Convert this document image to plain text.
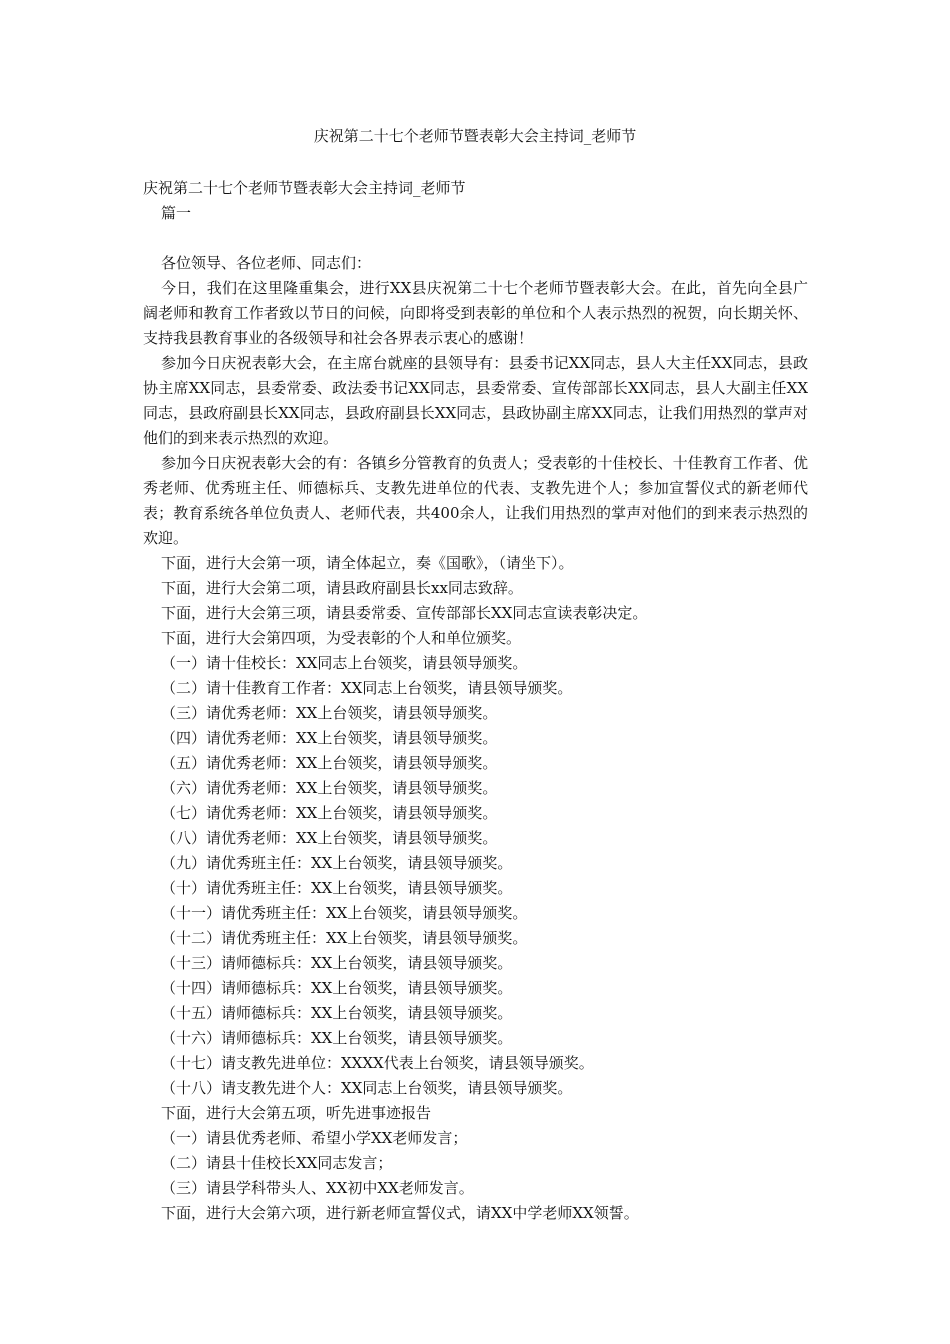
庆祝第二十七个老师节暨表彰大会主持词_老师节

庆祝第二十七个老师节暨表彰大会主持词_老师节

篇一

各位领导、各位老师、同志们：

今日，我们在这里隆重集会，进行XX县庆祝第二十七个老师节暨表彰大会。在此，首先向全县广阔老师和教育工作者致以节日的问候，向即将受到表彰的单位和个人表示热烈的祝贺，向长期关怀、支持我县教育事业的各级领导和社会各界表示衷心的感谢！

参加今日庆祝表彰大会，在主席台就座的县领导有：县委书记XX同志，县人大主任XX同志，县政协主席XX同志，县委常委、政法委书记XX同志，县委常委、宣传部部长XX同志，县人大副主任XX同志，县政府副县长XX同志，县政府副县长XX同志，县政协副主席XX同志，让我们用热烈的掌声对他们的到来表示热烈的欢迎。

参加今日庆祝表彰大会的有：各镇乡分管教育的负责人；受表彰的十佳校长、十佳教育工作者、优秀老师、优秀班主任、师德标兵、支教先进单位的代表、支教先进个人；参加宣誓仪式的新老师代表；教育系统各单位负责人、老师代表，共400余人，让我们用热烈的掌声对他们的到来表示热烈的欢迎。

下面，进行大会第一项，请全体起立，奏《国歌》，（请坐下）。

下面，进行大会第二项，请县政府副县长xx同志致辞。

下面，进行大会第三项，请县委常委、宣传部部长XX同志宣读表彰决定。

下面，进行大会第四项，为受表彰的个人和单位颁奖。

（一）请十佳校长：XX同志上台领奖，请县领导颁奖。

（二）请十佳教育工作者：XX同志上台领奖，请县领导颁奖。

（三）请优秀老师：XX上台领奖，请县领导颁奖。

（四）请优秀老师：XX上台领奖，请县领导颁奖。

（五）请优秀老师：XX上台领奖，请县领导颁奖。

（六）请优秀老师：XX上台领奖，请县领导颁奖。

（七）请优秀老师：XX上台领奖，请县领导颁奖。

（八）请优秀老师：XX上台领奖，请县领导颁奖。

（九）请优秀班主任：XX上台领奖，请县领导颁奖。

（十）请优秀班主任：XX上台领奖，请县领导颁奖。

（十一）请优秀班主任：XX上台领奖，请县领导颁奖。

（十二）请优秀班主任：XX上台领奖，请县领导颁奖。

（十三）请师德标兵：XX上台领奖，请县领导颁奖。

（十四）请师德标兵：XX上台领奖，请县领导颁奖。

（十五）请师德标兵：XX上台领奖，请县领导颁奖。

（十六）请师德标兵：XX上台领奖，请县领导颁奖。

（十七）请支教先进单位：XXXX代表上台领奖，请县领导颁奖。

（十八）请支教先进个人：XX同志上台领奖，请县领导颁奖。

下面，进行大会第五项，听先进事迹报告

（一）请县优秀老师、希望小学XX老师发言；

（二）请县十佳校长XX同志发言；

（三）请县学科带头人、XX初中XX老师发言。

下面，进行大会第六项，进行新老师宣誓仪式，请XX中学老师XX领誓。
